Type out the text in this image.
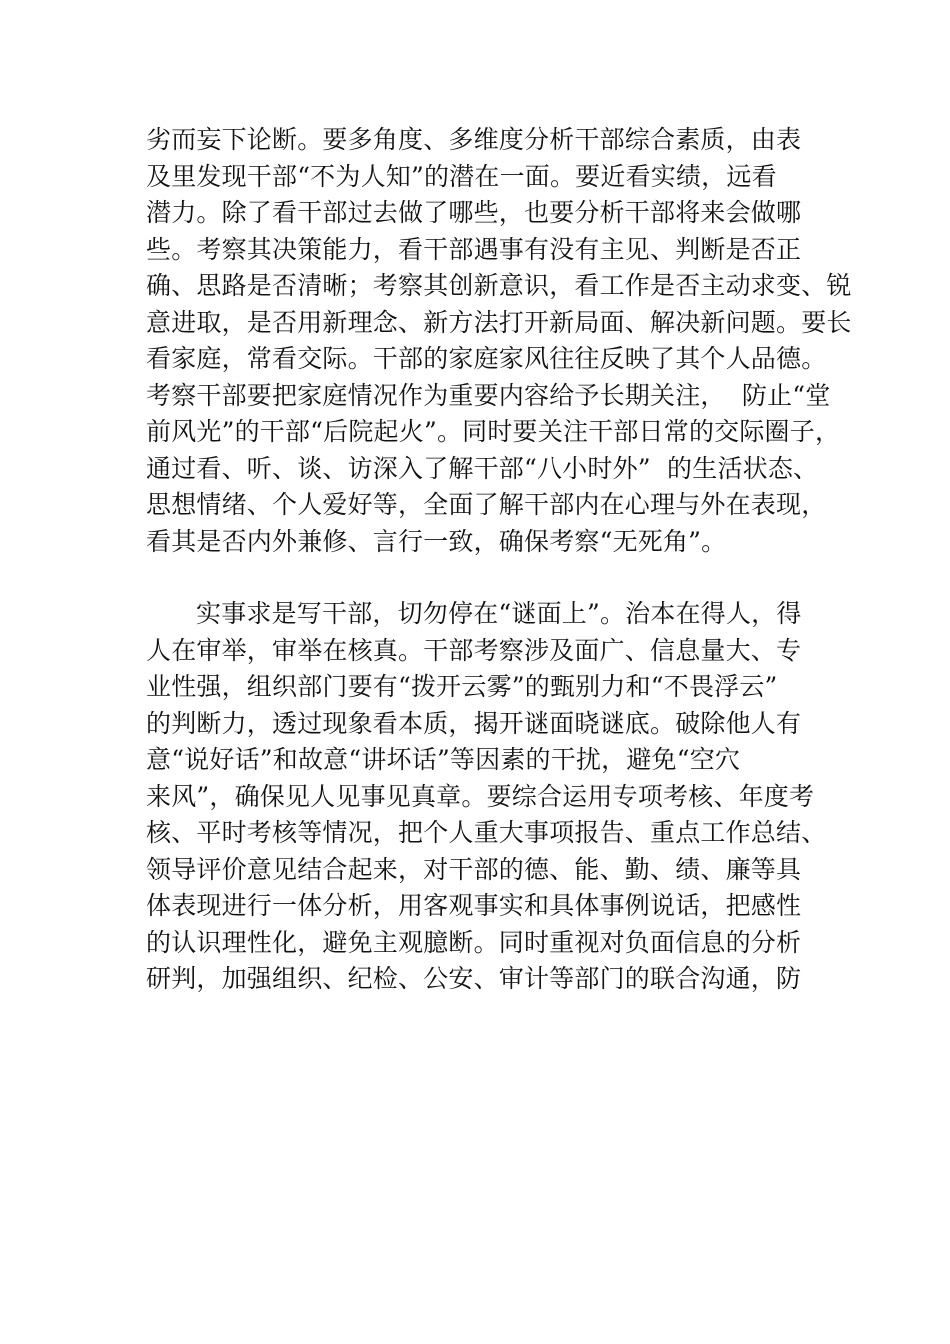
劣而妄下论断。要多角度、多维度分析干部综合素质，由表
及里发现干部“不为人知”的潜在一面。要近看实绩，远看
潜力。除了看干部过去做了哪些，也要分析干部将来会做哪
些。考察其决策能力，看干部遇事有没有主见、判断是否正
确、思路是否清晰；考察其创新意识，看工作是否主动求变、锐
意进取，是否用新理念、新方法打开新局面、解决新问题。要长
看家庭，常看交际。干部的家庭家风往往反映了其个人品德。
考察干部要把家庭情况作为重要内容给予长期关注，  防止“堂
前风光”的干部“后院起火”。同时要关注干部日常的交际圈子，
通过看、听、谈、访深入了解干部“八小时外”  的生活状态、
思想情绪、个人爱好等，全面了解干部内在心理与外在表现，
看其是否内外兼修、言行一致，确保考察“无死角”。
实事求是写干部，切勿停在“谜面上”。治本在得人，得
人在审举，审举在核真。干部考察涉及面广、信息量大、专
业性强，组织部门要有“拨开云雾”的甄别力和“不畏浮云”
的判断力，透过现象看本质，揭开谜面晓谜底。破除他人有
意“说好话”和故意“讲坏话”等因素的干扰，避免“空穴
来风”，确保见人见事见真章。要综合运用专项考核、年度考
核、平时考核等情况，把个人重大事项报告、重点工作总结、
领导评价意见结合起来，对干部的德、能、勤、绩、廉等具
体表现进行一体分析，用客观事实和具体事例说话，把感性
的认识理性化，避免主观臆断。同时重视对负面信息的分析
研判，加强组织、纪检、公安、审计等部门的联合沟通，防
